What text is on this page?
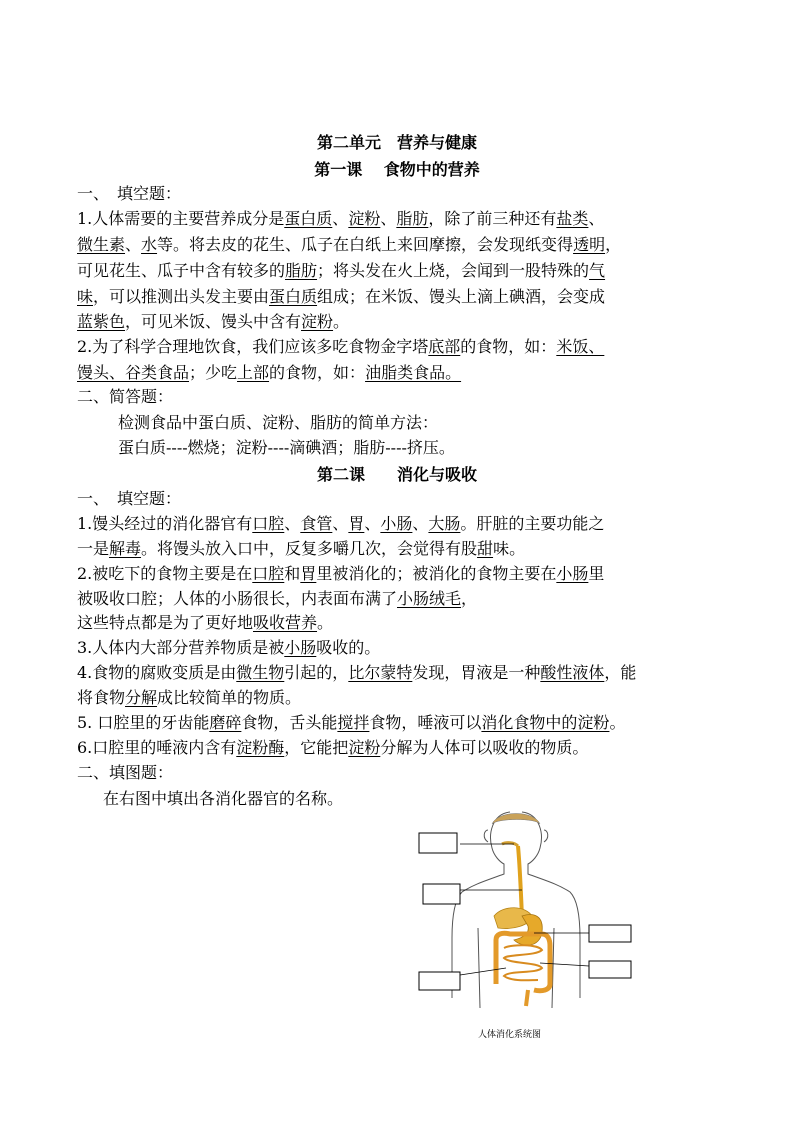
第二单元　营养与健康
第一课　 食物中的营养
一、　填空题：
1.人体需要的主要营养成分是蛋白质、淀粉、脂肪，除了前三种还有盐类、
微生素、水等。将去皮的花生、瓜子在白纸上来回摩擦，会发现纸变得透明，
可见花生、瓜子中含有较多的脂肪；将头发在火上烧，会闻到一股特殊的气
味，可以推测出头发主要由蛋白质组成；在米饭、馒头上滴上碘酒，会变成
蓝紫色，可见米饭、馒头中含有淀粉。
2.为了科学合理地饮食，我们应该多吃食物金字塔底部的食物，如：米饭、
馒头、谷类食品；少吃上部的食物，如：油脂类食品。
二、简答题：
检测食品中蛋白质、淀粉、脂肪的简单方法：
蛋白质----燃烧；淀粉----滴碘酒；脂肪----挤压。
第二课　　消化与吸收
一、　填空题：
1.馒头经过的消化器官有口腔、食管、胃、小肠、大肠。肝脏的主要功能之
一是解毒。将馒头放入口中，反复多嚼几次，会觉得有股甜味。
2.被吃下的食物主要是在口腔和胃里被消化的；被消化的食物主要在小肠里
被吸收口腔；人体的小肠很长，内表面布满了小肠绒毛，
这些特点都是为了更好地吸收营养。
3.人体内大部分营养物质是被小肠吸收的。
4.食物的腐败变质是由微生物引起的，比尔蒙特发现，胃液是一种酸性液体，能
将食物分解成比较简单的物质。
5. 口腔里的牙齿能磨碎食物，舌头能搅拌食物，唾液可以消化食物中的淀粉。
6.口腔里的唾液内含有淀粉酶，它能把淀粉分解为人体可以吸收的物质。
二、填图题：
在右图中填出各消化器官的名称。
人体消化系统图
